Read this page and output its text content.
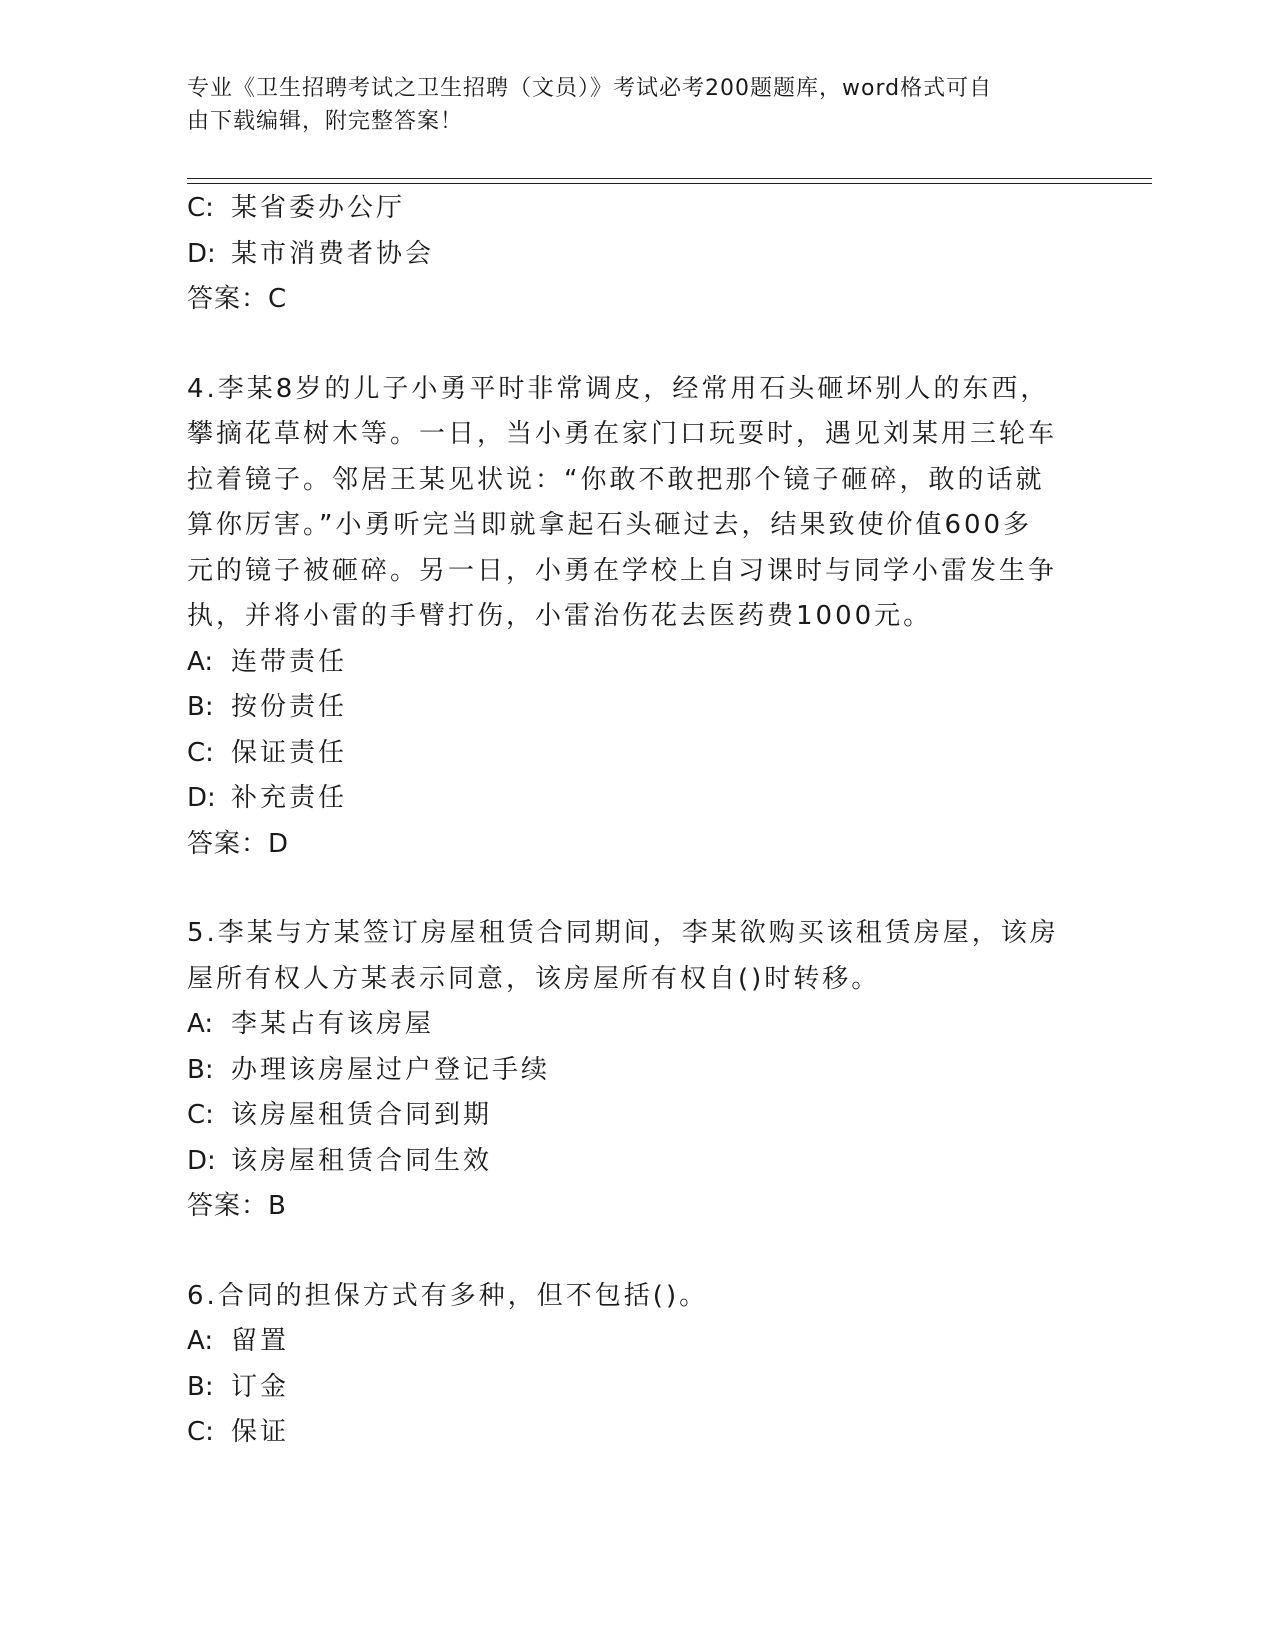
专业《卫生招聘考试之卫生招聘（文员）》考试必考200题题库，word格式可自
由下载编辑，附完整答案！
C: 某省委办公厅
D: 某市消费者协会
答案：C
4.李某8岁的儿子小勇平时非常调皮，经常用石头砸坏别人的东西，
攀摘花草树木等。一日，当小勇在家门口玩耍时，遇见刘某用三轮车
拉着镜子。邻居王某见状说：“你敢不敢把那个镜子砸碎，敢的话就
算你厉害。”小勇听完当即就拿起石头砸过去，结果致使价值600多
元的镜子被砸碎。另一日，小勇在学校上自习课时与同学小雷发生争
执，并将小雷的手臂打伤，小雷治伤花去医药费1000元。
A: 连带责任
B: 按份责任
C: 保证责任
D: 补充责任
答案：D
5.李某与方某签订房屋租赁合同期间，李某欲购买该租赁房屋，该房
屋所有权人方某表示同意，该房屋所有权自()时转移。
A: 李某占有该房屋
B: 办理该房屋过户登记手续
C: 该房屋租赁合同到期
D: 该房屋租赁合同生效
答案：B
6.合同的担保方式有多种，但不包括()。
A: 留置
B: 订金
C: 保证
